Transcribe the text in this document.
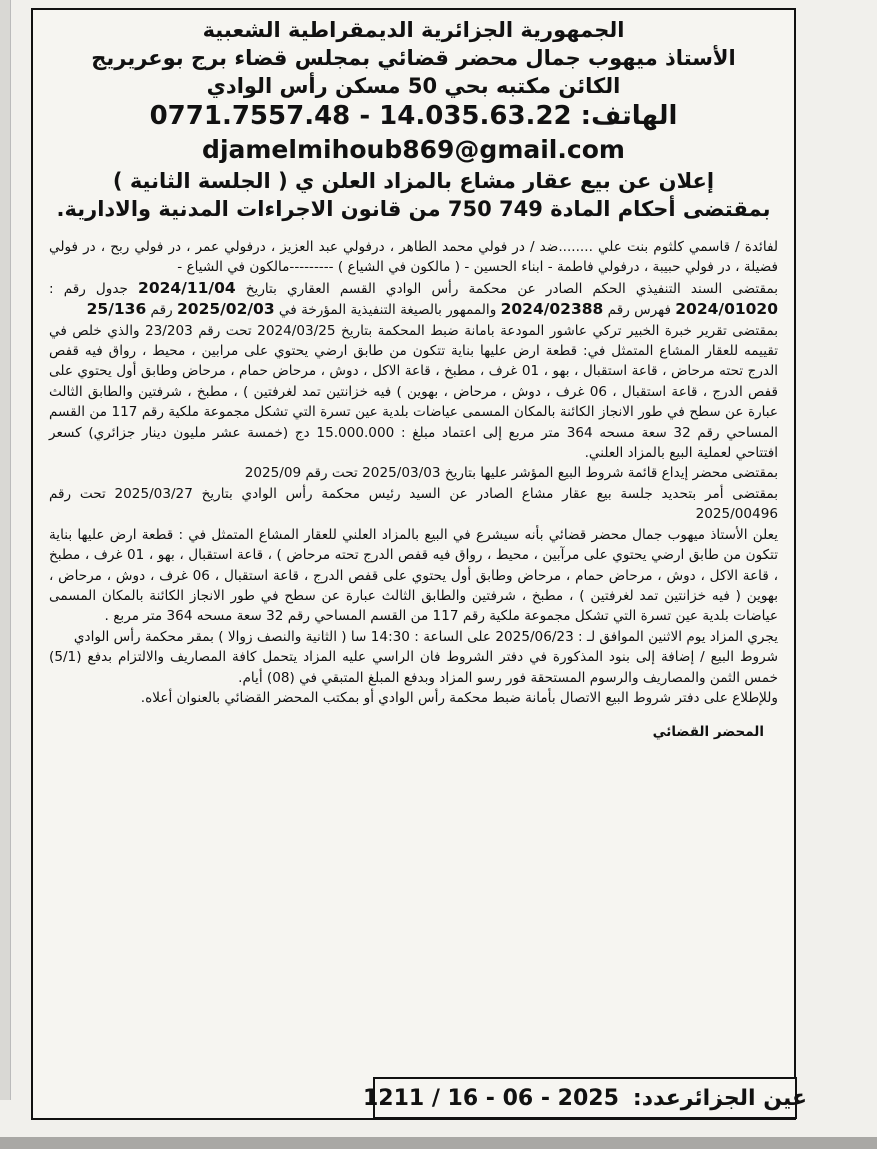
الجمهورية الجزائرية الديمقراطية الشعبية

الأستاذ ميهوب جمال محضر قضائي بمجلس قضاء برج بوعريريج

الكائن مكتبه بحي 50 مسكن رأس الوادي

الهاتف: 14.035.63.22 - 0771.7557.48

djamelmihoub869@gmail.com

إعلان عن بيع عقار مشاع بالمزاد العلن ي ( الجلسة الثانية )

بمقتضى أحكام المادة 749 750 من قانون الاجراءات المدنية والادارية.

لفائدة / قاسمي كلثوم بنت علي ........ضد / در فولي محمد الطاهر ، درفولي عبد العزيز ، درفولي عمر ، در فولي ربح ، در فولي فضيلة ، در فولي حبيبة ، درفولي فاطمة - ابناء الحسين - ( مالكون في الشياع ) ---------مالكون في الشياع -

بمقتضى السند التنفيذي الحكم الصادر عن محكمة رأس الوادي القسم العقاري بتاريخ 2024/11/04 جدول رقم : 2024/01020 فهرس رقم 2024/02388 والممهور بالصيغة التنفيذية المؤرخة في 2025/02/03 رقم 25/136

بمقتضى تقرير خبرة الخبير تركي عاشور المودعة بامانة ضبط المحكمة بتاريخ 2024/03/25 تحت رقم 23/203 والذي خلص في تقييمه للعقار المشاع المتمثل في: قطعة ارض عليها بناية تتكون من طابق ارضي يحتوي على مرابين ، محيط ، رواق فيه قفص الدرج تحته مرحاض ، قاعة استقبال ، بهو ، 01 غرف ، مطبخ ، قاعة الاكل ، دوش ، مرحاض حمام ، مرحاض وطابق أول يحتوي على قفص الدرج ، قاعة استقبال ، 06 غرف ، دوش ، مرحاض ، بهوين ) فيه خزانتين تمد لغرفتين ) ، مطبخ ، شرفتين والطابق الثالث عبارة عن سطح في طور الانجاز الكائنة بالمكان المسمى عياضات بلدية عين تسرة التي تشكل مجموعة ملكية رقم 117 من القسم المساحي رقم 32 سعة مسحه 364 متر مربع إلى اعتماد مبلغ : 15.000.000 دج (خمسة عشر مليون دينار جزائري) كسعر افتتاحي لعملية البيع بالمزاد العلني.

بمقتضى محضر إيداع قائمة شروط البيع المؤشر عليها بتاريخ 2025/03/03 تحت رقم 2025/09

بمقتضى أمر بتحديد جلسة بيع عقار مشاع الصادر عن السيد رئيس محكمة رأس الوادي بتاريخ 2025/03/27 تحت رقم 2025/00496

يعلن الأستاذ ميهوب جمال محضر قضائي بأنه سيشرع في البيع بالمزاد العلني للعقار المشاع المتمثل في : قطعة ارض عليها بناية تتكون من طابق ارضي يحتوي على مرآبين ، محيط ، رواق فيه قفص الدرج تحته مرحاض ) ، قاعة استقبال ، بهو ، 01 غرف ، مطبخ ، قاعة الاكل ، دوش ، مرحاض حمام ، مرحاض وطابق أول يحتوي على قفص الدرج ، قاعة استقبال ، 06 غرف ، دوش ، مرحاض ، بهوين ( فيه خزانتين تمد لغرفتين ) ، مطبخ ، شرفتين والطابق الثالث عبارة عن سطح في طور الانجاز الكائنة بالمكان المسمى عياضات بلدية عين تسرة التي تشكل مجموعة ملكية رقم 117 من القسم المساحي رقم 32 سعة مسحه 364 متر مربع .

يجري المزاد يوم الاثنين الموافق لـ : 2025/06/23 على الساعة : 14:30 سا ( الثانية والنصف زوالا ) بمقر محكمة رأس الوادي

شروط البيع / إضافة إلى بنود المذكورة في دفتر الشروط فان الراسي عليه المزاد يتحمل كافة المصاريف والالتزام بدفع (5/1) خمس الثمن والمصاريف والرسوم المستحقة فور رسو المزاد وبدفع المبلغ المتبقي في (08) أيام.

وللإطلاع على دفتر شروط البيع الاتصال بأمانة ضبط محكمة رأس الوادي أو بمكتب المحضر القضائي بالعنوان أعلاه.

المحضر القضائي
عين الجزائرعدد:
1211 / 16 - 06 - 2025
